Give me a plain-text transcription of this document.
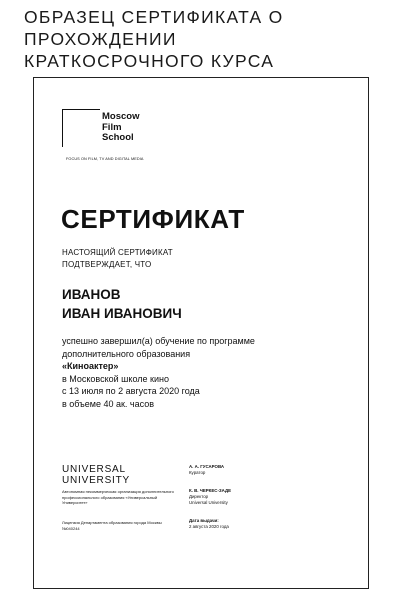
ОБРАЗЕЦ СЕРТИФИКАТА О
ПРОХОЖДЕНИИ
КРАТКОСРОЧНОГО КУРСА
Moscow
Film
School
FOCUS ON FILM, TV AND DIGITAL MEDIA
СЕРТИФИКАТ
НАСТОЯЩИЙ СЕРТИФИКАТ
ПОДТВЕРЖДАЕТ, ЧТО
ИВАНОВ
ИВАН ИВАНОВИЧ
успешно завершил(а) обучение по программе
дополнительного образования
«Киноактер»
в Московской школе кино
с 13 июля по 2 августа 2020 года
в объеме 40 ак. часов
UNIVERSAL
UNIVERSITY
Автономная некоммерческая организация дополнительного профессионального образования «Универсальный Университет»
Лицензия Департамента образования города Москвы №040244
А. А. ГУСАРОВА
Куратор
К. В. ЧЕРКЕС-ЗАДЕ
Директор
Universal University
Дата выдачи:
2 августа 2020 года
